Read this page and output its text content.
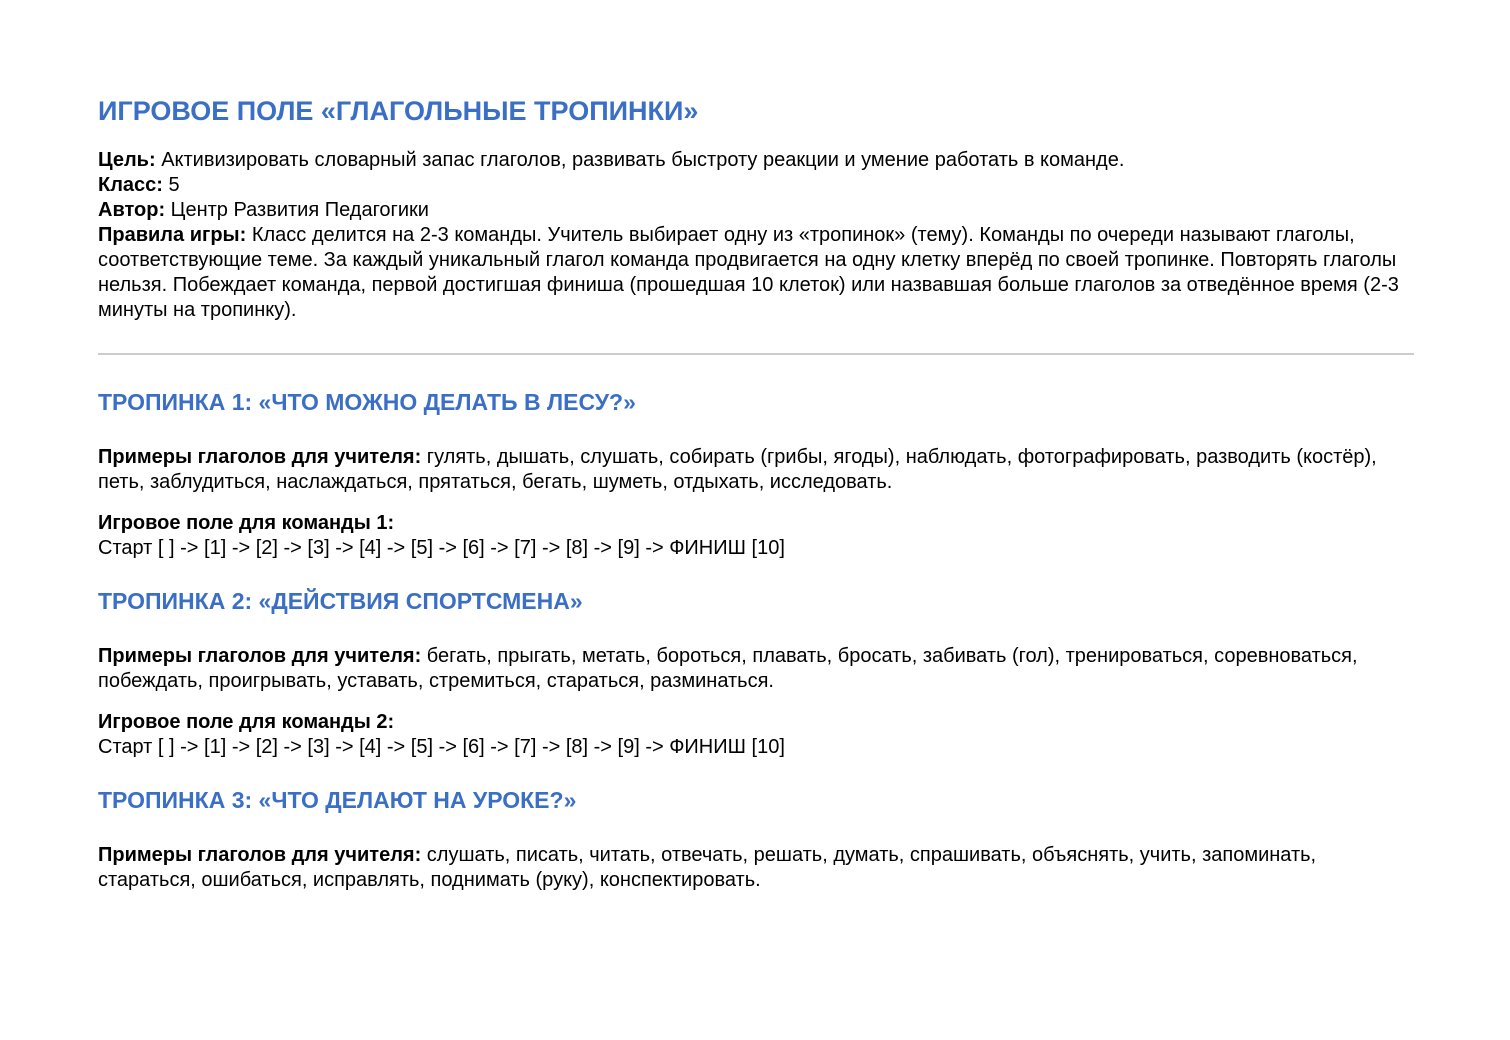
ИГРОВОЕ ПОЛЕ «ГЛАГОЛЬНЫЕ ТРОПИНКИ»

Цель: Активизировать словарный запас глаголов, развивать быстроту реакции и умение работать в команде.

Класс: 5

Автор: Центр Развития Педагогики

Правила игры: Класс делится на 2-3 команды. Учитель выбирает одну из «тропинок» (тему). Команды по очереди называют глаголы, соответствующие теме. За каждый уникальный глагол команда продвигается на одну клетку вперёд по своей тропинке. Повторять глаголы нельзя. Побеждает команда, первой достигшая финиша (прошедшая 10 клеток) или назвавшая больше глаголов за отведённое время (2-3 минуты на тропинку).

ТРОПИНКА 1: «ЧТО МОЖНО ДЕЛАТЬ В ЛЕСУ?»

Примеры глаголов для учителя: гулять, дышать, слушать, собирать (грибы, ягоды), наблюдать, фотографировать, разводить (костёр), петь, заблудиться, наслаждаться, прятаться, бегать, шуметь, отдыхать, исследовать.

Игровое поле для команды 1:

Старт [ ] -> [1] -> [2] -> [3] -> [4] -> [5] -> [6] -> [7] -> [8] -> [9] -> ФИНИШ [10]

ТРОПИНКА 2: «ДЕЙСТВИЯ СПОРТСМЕНА»

Примеры глаголов для учителя: бегать, прыгать, метать, бороться, плавать, бросать, забивать (гол), тренироваться, соревноваться, побеждать, проигрывать, уставать, стремиться, стараться, разминаться.

Игровое поле для команды 2:

Старт [ ] -> [1] -> [2] -> [3] -> [4] -> [5] -> [6] -> [7] -> [8] -> [9] -> ФИНИШ [10]

ТРОПИНКА 3: «ЧТО ДЕЛАЮТ НА УРОКЕ?»

Примеры глаголов для учителя: слушать, писать, читать, отвечать, решать, думать, спрашивать, объяснять, учить, запоминать, стараться, ошибаться, исправлять, поднимать (руку), конспектировать.
